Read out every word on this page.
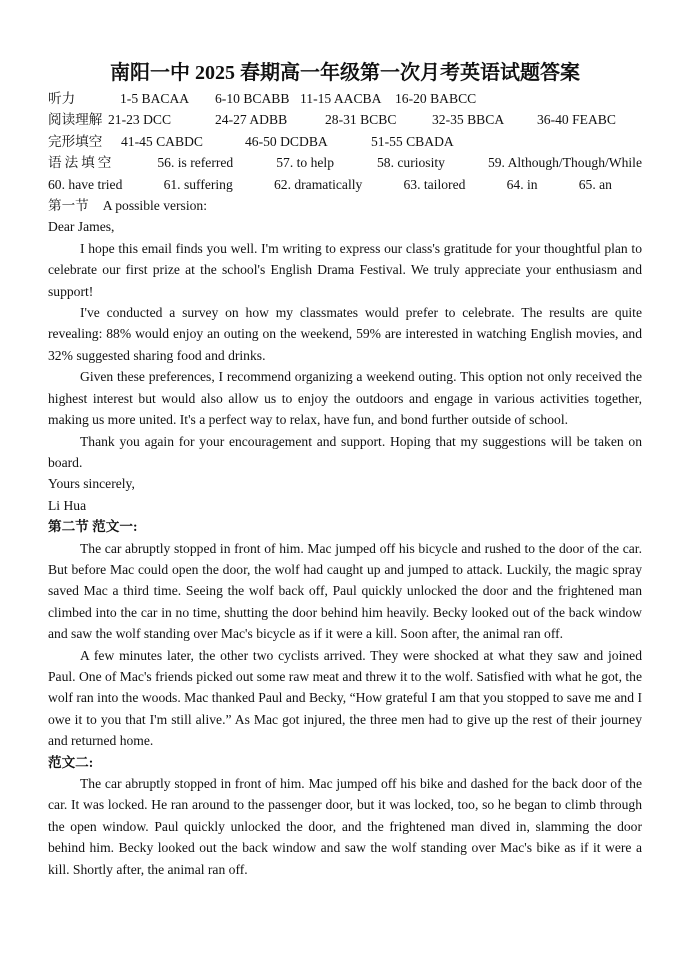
南阳一中 2025 春期高一年级第一次月考英语试题答案
听力	1-5 BACAA	6-10 BCABB 11-15 AACBA 16-20 BABCC
阅读理解 21-23 DCC	24-27 ADBB	28-31 BCBC	32-35 BBCA	36-40 FEABC
完形填空	41-45 CABDC	46-50 DCDBA	51-55 CBADA
语法填空	56. is referred	57. to help	58. curiosity	59. Although/Though/While
60. have tried	61. suffering	62. dramatically	63. tailored	64. in	65. an
第一节 A possible version:

Dear James,

I hope this email finds you well. I'm writing to express our class's gratitude for your thoughtful plan to celebrate our first prize at the school's English Drama Festival. We truly appreciate your enthusiasm and support!

I've conducted a survey on how my classmates would prefer to celebrate. The results are quite revealing: 88% would enjoy an outing on the weekend, 59% are interested in watching English movies, and 32% suggested sharing food and drinks.

Given these preferences, I recommend organizing a weekend outing. This option not only received the highest interest but would also allow us to enjoy the outdoors and engage in various activities together, making us more united. It's a perfect way to relax, have fun, and bond further outside of school.

Thank you again for your encouragement and support. Hoping that my suggestions will be taken on board.

Yours sincerely,

Li Hua

第二节 范文一:

The car abruptly stopped in front of him. Mac jumped off his bicycle and rushed to the door of the car. But before Mac could open the door, the wolf had caught up and jumped to attack. Luckily, the magic spray saved Mac a third time. Seeing the wolf back off, Paul quickly unlocked the door and the frightened man climbed into the car in no time, shutting the door behind him heavily. Becky looked out of the back window and saw the wolf standing over Mac's bicycle as if it were a kill. Soon after, the animal ran off.

A few minutes later, the other two cyclists arrived. They were shocked at what they saw and joined Paul. One of Mac's friends picked out some raw meat and threw it to the wolf. Satisfied with what he got, the wolf ran into the woods. Mac thanked Paul and Becky, “How grateful I am that you stopped to save me and I owe it to you that I'm still alive.” As Mac got injured, the three men had to give up the rest of their journey and returned home.

范文二:

The car abruptly stopped in front of him. Mac jumped off his bike and dashed for the back door of the car. It was locked. He ran around to the passenger door, but it was locked, too, so he began to climb through the open window. Paul quickly unlocked the door, and the frightened man dived in, slamming the door behind him. Becky looked out the back window and saw the wolf standing over Mac's bike as if it were a kill. Shortly after, the animal ran off.
